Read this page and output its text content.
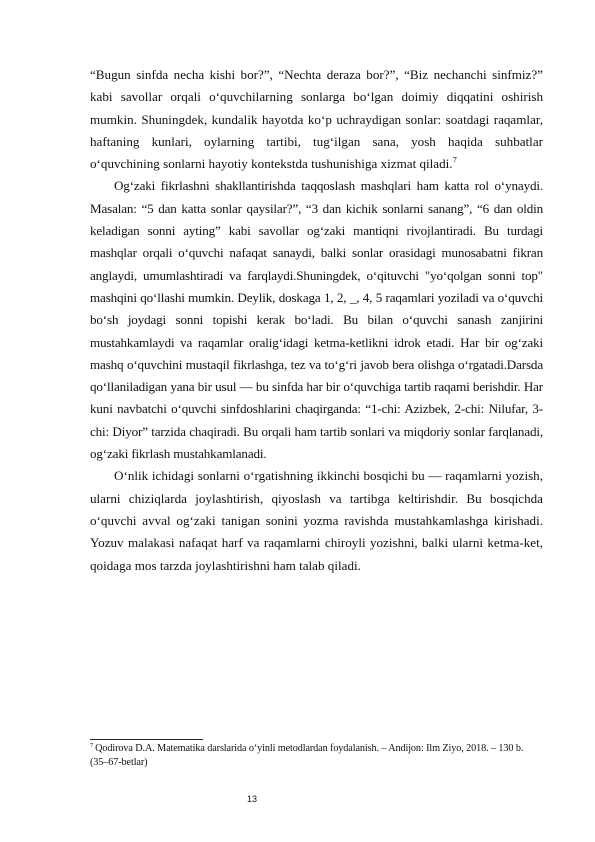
“Bugun sinfda necha kishi bor?”, “Nechta deraza bor?”, “Biz nechanchi sinfmiz?” kabi savollar orqali o‘quvchilarning sonlarga bo‘lgan doimiy diqqatini oshirish mumkin. Shuningdek, kundalik hayotda ko‘p uchraydigan sonlar: soatdagi raqamlar, haftaning kunlari, oylarning tartibi, tug‘ilgan sana, yosh haqida suhbatlar o‘quvchining sonlarni hayotiy kontekstda tushunishiga xizmat qiladi.$^7$

Og‘zaki fikrlashni shakllantirishda taqqoslash mashqlari ham katta rol o‘ynaydi. Masalan: “5 dan katta sonlar qaysilar?”, “3 dan kichik sonlarni sanang”, “6 dan oldin keladigan sonni ayting” kabi savollar og‘zaki mantiqni rivojlantiradi. Bu turdagi mashqlar orqali o‘quvchi nafaqat sanaydi, balki sonlar orasidagi munosabatni fikran anglaydi, umumlashtiradi va farqlaydi.Shuningdek, o‘qituvchi "yo‘qolgan sonni top" mashqini qo‘llashi mumkin. Deylik, doskaga 1, 2, _, 4, 5 raqamlari yoziladi va o‘quvchi bo‘sh joydagi sonni topishi kerak bo‘ladi. Bu bilan o‘quvchi sanash zanjirini mustahkamlaydi va raqamlar oralig‘idagi ketma-ketlikni idrok etadi. Har bir og‘zaki mashq o‘quvchini mustaqil fikrlashga, tez va to‘g‘ri javob bera olishga o‘rgatadi.Darsda qo‘llaniladigan yana bir usul — bu sinfda har bir o‘quvchiga tartib raqami berishdir. Har kuni navbatchi o‘quvchi sinfdoshlarini chaqirganda: “1-chi: Azizbek, 2-chi: Nilufar, 3-chi: Diyor” tarzida chaqiradi. Bu orqali ham tartib sonlari va miqdoriy sonlar farqlanadi, og‘zaki fikrlash mustahkamlanadi.

O‘nlik ichidagi sonlarni o‘rgatishning ikkinchi bosqichi bu — raqamlarni yozish, ularni chiziqlarda joylashtirish, qiyoslash va tartibga keltirishdir. Bu bosqichda o‘quvchi avval og‘zaki tanigan sonini yozma ravishda mustahkamlashga kirishadi. Yozuv malakasi nafaqat harf va raqamlarni chiroyli yozishni, balki ularni ketma-ket, qoidaga mos tarzda joylashtirishni ham talab qiladi.

$^7$ Qodirova D.A. Matematika darslarida o‘yinli metodlardan foydalanish. – Andijon: Ilm Ziyo, 2018. – 130 b. (35–67-betlar)
13
